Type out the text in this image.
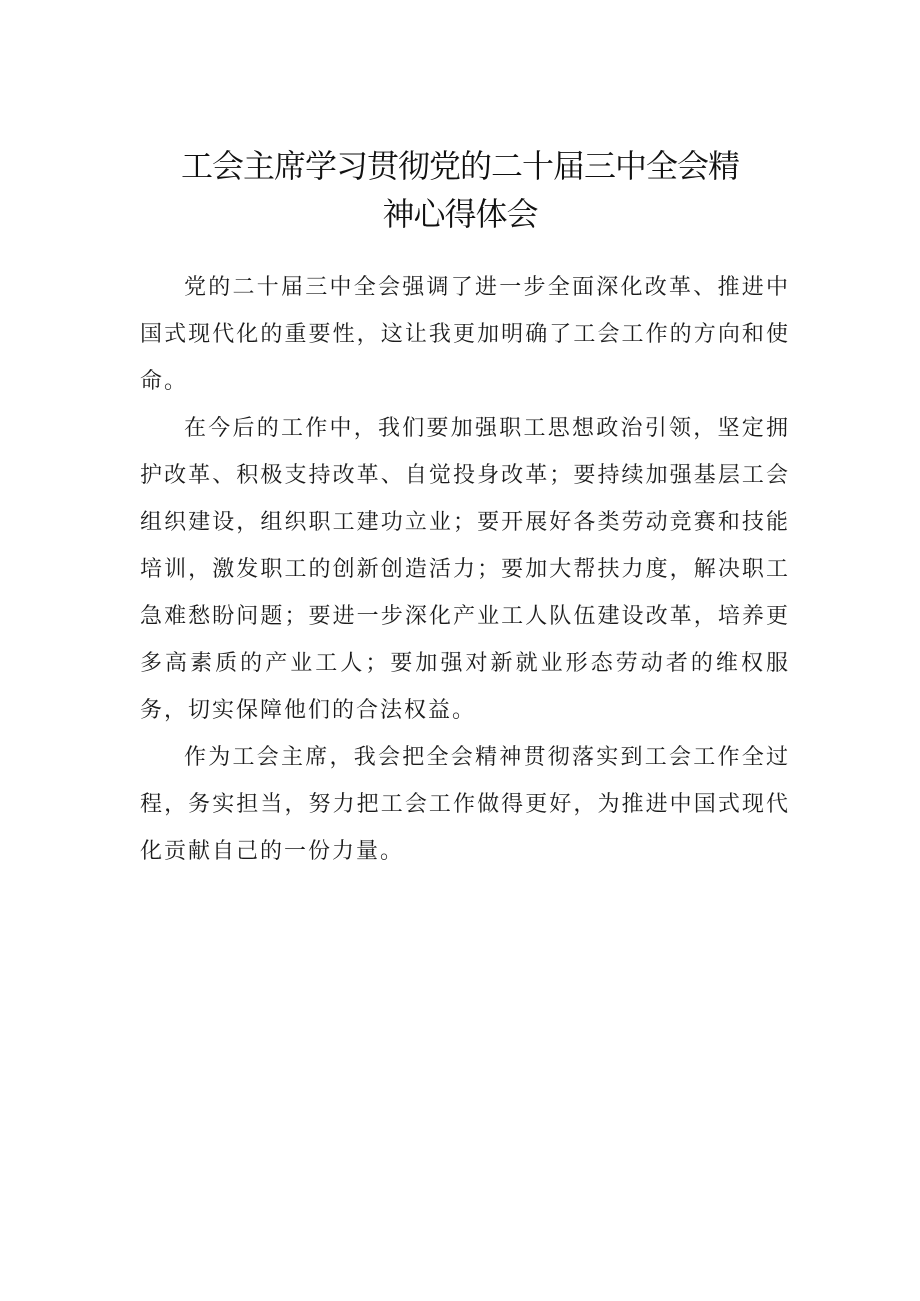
工会主席学习贯彻党的二十届三中全会精
神心得体会

党的二十届三中全会强调了进一步全面深化改革、推进中国式现代化的重要性，这让我更加明确了工会工作的方向和使命。

在今后的工作中，我们要加强职工思想政治引领，坚定拥护改革、积极支持改革、自觉投身改革；要持续加强基层工会组织建设，组织职工建功立业；要开展好各类劳动竞赛和技能培训，激发职工的创新创造活力；要加大帮扶力度，解决职工急难愁盼问题；要进一步深化产业工人队伍建设改革，培养更多高素质的产业工人；要加强对新就业形态劳动者的维权服务，切实保障他们的合法权益。

作为工会主席，我会把全会精神贯彻落实到工会工作全过程，务实担当，努力把工会工作做得更好，为推进中国式现代化贡献自己的一份力量。
